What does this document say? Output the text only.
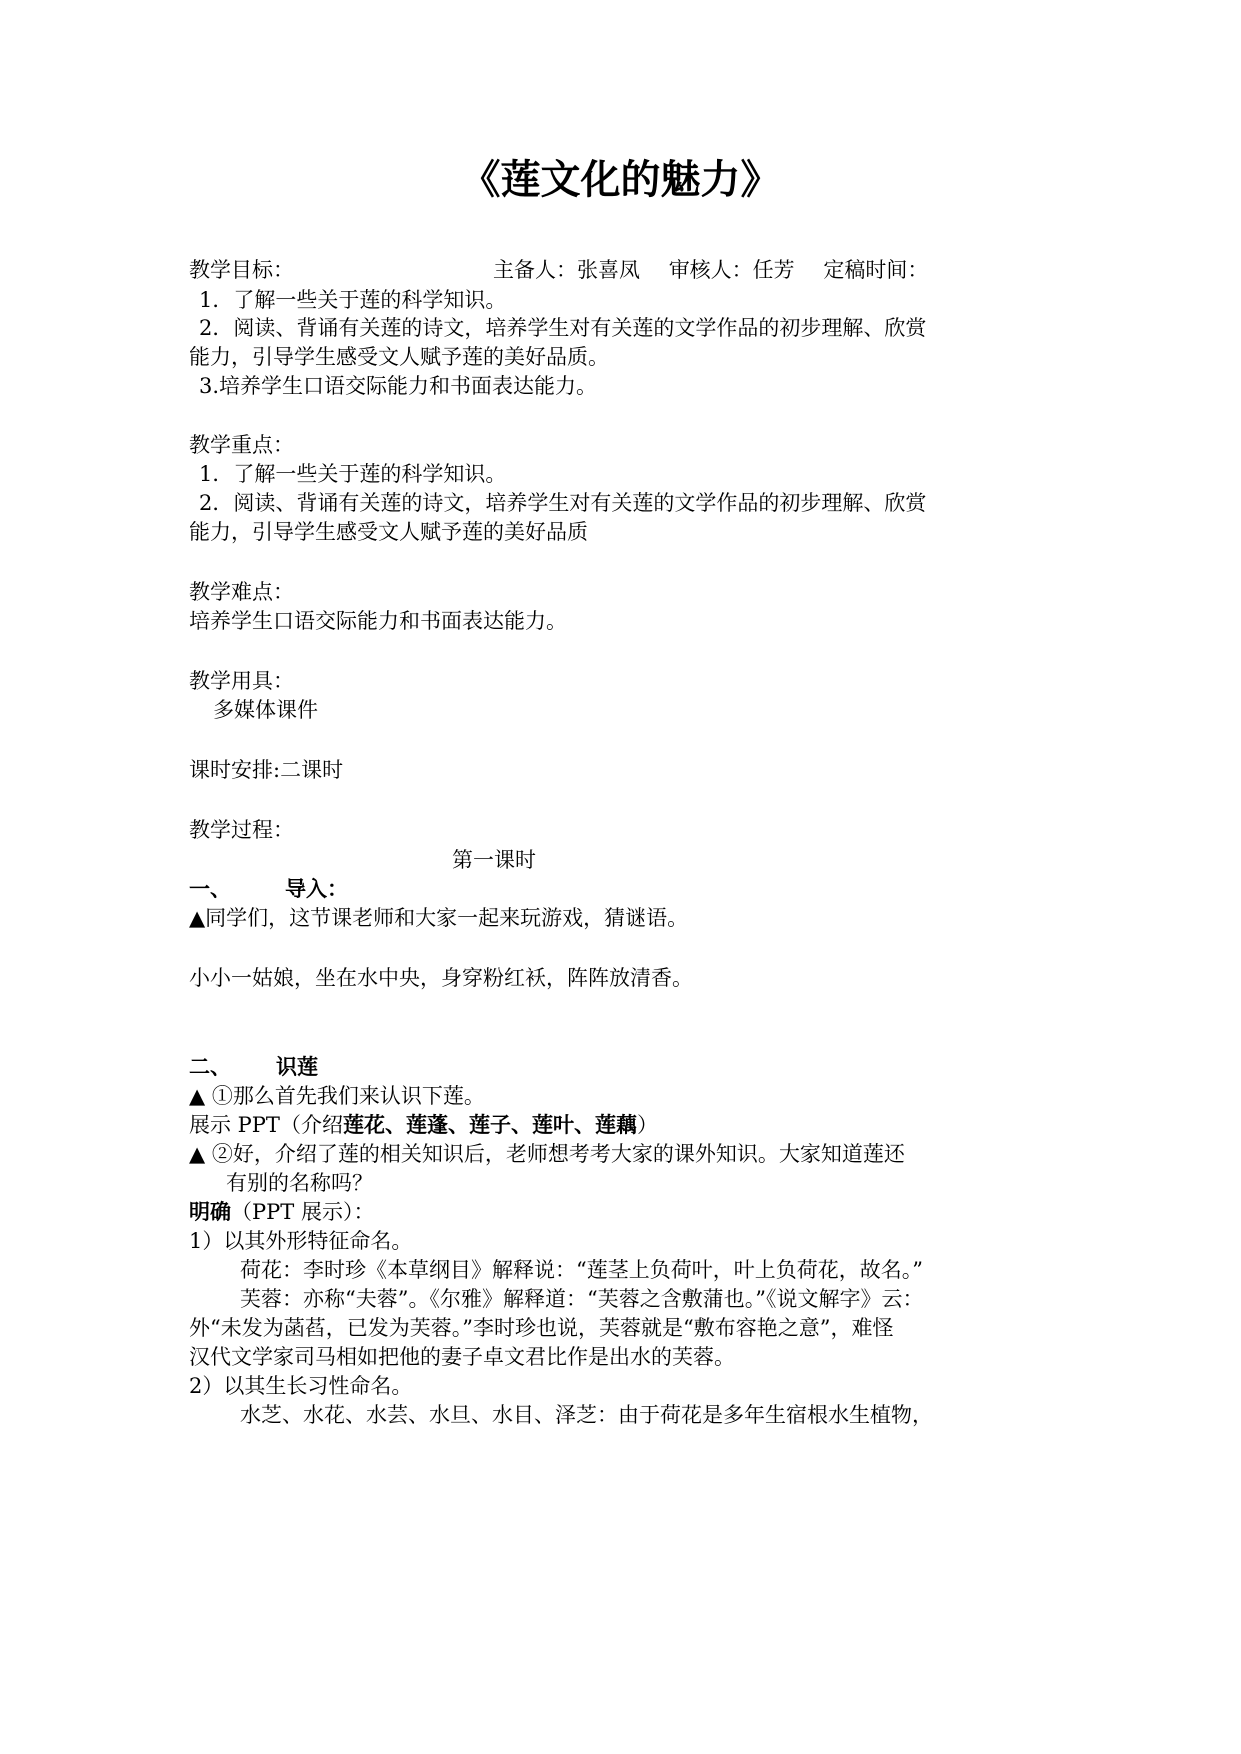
《莲文化的魅力》
主备人：张喜凤 审核人：任芳 定稿时间：
教学目标：
1．了解一些关于莲的科学知识。
2．阅读、背诵有关莲的诗文，培养学生对有关莲的文学作品的初步理解、欣赏
能力，引导学生感受文人赋予莲的美好品质。
3.培养学生口语交际能力和书面表达能力。
教学重点：
1．了解一些关于莲的科学知识。
2．阅读、背诵有关莲的诗文，培养学生对有关莲的文学作品的初步理解、欣赏
能力，引导学生感受文人赋予莲的美好品质
教学难点：
培养学生口语交际能力和书面表达能力。
教学用具：
多媒体课件
课时安排:二课时
教学过程：
第一课时
一、	导入：
▲同学们，这节课老师和大家一起来玩游戏，猜谜语。
小小一姑娘，坐在水中央，身穿粉红袄，阵阵放清香。
二、 识莲
▲ ①那么首先我们来认识下莲。
展示 PPT（介绍莲花、莲蓬、莲子、莲叶、莲藕）
▲ ②好，介绍了莲的相关知识后，老师想考考大家的课外知识。大家知道莲还
有别的名称吗？
明确（PPT 展示）：
1）以其外形特征命名。
荷花：李时珍《本草纲目》解释说：“莲茎上负荷叶，叶上负荷花，故名。”
芙蓉：亦称“夫蓉”。《尔雅》解释道：“芙蓉之含敷蒲也。”《说文解字》云：
外“未发为菡萏，已发为芙蓉。”李时珍也说，芙蓉就是“敷布容艳之意”，难怪
汉代文学家司马相如把他的妻子卓文君比作是出水的芙蓉。
2）以其生长习性命名。
水芝、水花、水芸、水旦、水目、泽芝：由于荷花是多年生宿根水生植物，
